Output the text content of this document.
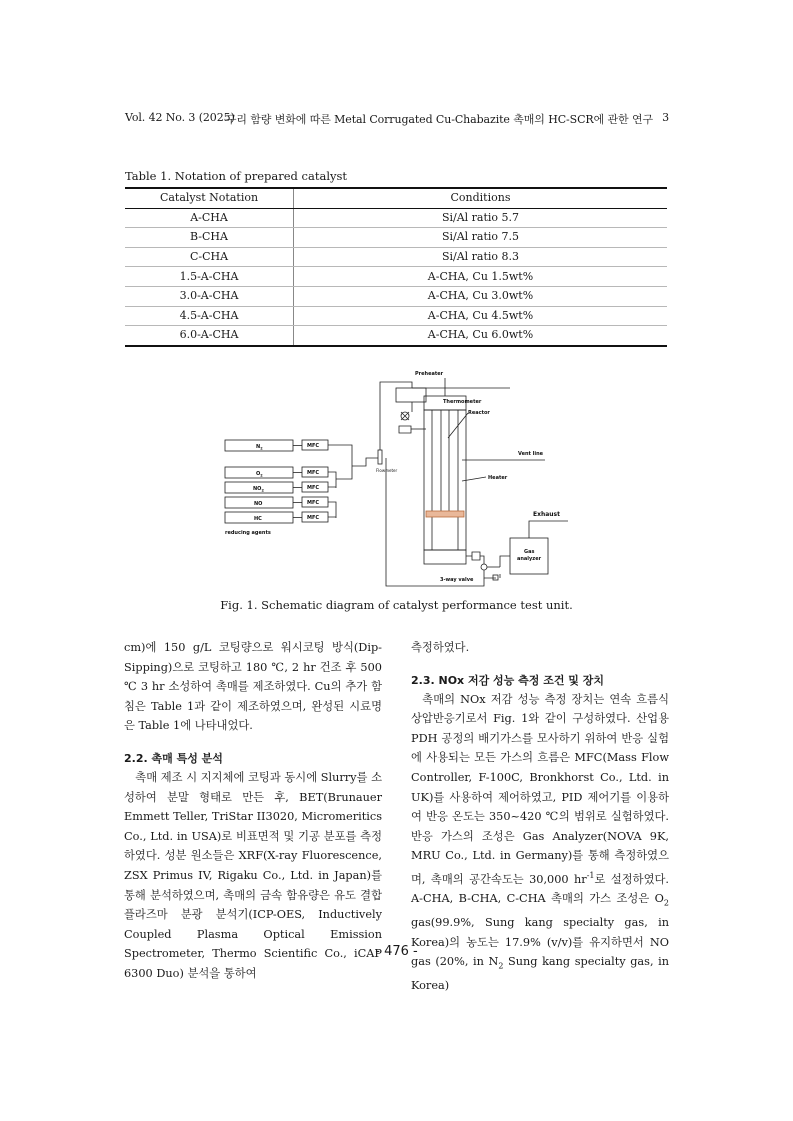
Vol. 42 No. 3 (2025)
구리 함량 변화에 따른 Metal Corrugated Cu-Chabazite 촉매의 HC-SCR에 관한 연구 3
Table 1. Notation of prepared catalyst
Catalyst Notation	Conditions
A-CHA	Si/Al ratio 5.7
B-CHA	Si/Al ratio 7.5
C-CHA	Si/Al ratio 8.3
1.5-A-CHA	A-CHA, Cu 1.5wt%
3.0-A-CHA	A-CHA, Cu 3.0wt%
4.5-A-CHA	A-CHA, Cu 4.5wt%
6.0-A-CHA	A-CHA, Cu 6.0wt%
$N_2$
$O_2$
$NO_2$
NO
HC
reducing agents
MFC
MFC
MFC
MFC
MFC
Flowmeter
Preheater
Thermometer
Reactor
Heater
Vent line
Gas
analyzer
Exhaust
3-way valve
Fig. 1. Schematic diagram of catalyst performance test unit.

cm)에 150 g/L 코팅량으로 워시코팅 방식(Dip-Sipping)으로 코팅하고 180 ℃, 2 hr 건조 후 500 ℃ 3 hr 소성하여 촉매를 제조하였다. Cu의 추가 함침은 Table 1과 같이 제조하였으며, 완성된 시료명은 Table 1에 나타내었다.

2.2. 촉매 특성 분석

촉매 제조 시 지지체에 코팅과 동시에 Slurry를 소성하여 분말 형태로 만든 후, BET(Brunauer Emmett Teller, TriStar II3020, Micromeritics Co., Ltd. in USA)로 비표면적 및 기공 분포를 측정하였다. 성분 원소들은 XRF(X-ray Fluorescence, ZSX Primus IV, Rigaku Co., Ltd. in Japan)를 통해 분석하였으며, 촉매의 금속 함유량은 유도 결합 플라즈마 분광 분석기(ICP-OES, Inductively Coupled Plasma Optical Emission Spectrometer, Thermo Scientific Co., iCAP 6300 Duo) 분석을 통하여

측정하였다.

2.3. NOx 저감 성능 측정 조건 및 장치

촉매의 NOx 저감 성능 측정 장치는 연속 흐름식 상압반응기로서 Fig. 1와 같이 구성하였다. 산업용 PDH 공정의 배기가스를 모사하기 위하여 반응 실험에 사용되는 모든 가스의 흐름은 MFC(Mass Flow Controller, F-100C, Bronkhorst Co., Ltd. in UK)를 사용하여 제어하였고, PID 제어기를 이용하여 반응 온도는 350~420 ℃의 범위로 실험하였다. 반응 가스의 조성은 Gas Analyzer(NOVA 9K, MRU Co., Ltd. in Germany)를 통해 측정하였으며, 촉매의 공간속도는 30,000 $hr^{-1}$로 설정하였다. A-CHA, B-CHA, C-CHA 촉매의 가스 조성은 $O_2$ gas(99.9%, Sung kang specialty gas, in Korea)의 농도는 17.9% (v/v)를 유지하면서 NO gas (20%, in $N_2$ Sung kang specialty gas, in Korea)

- 476 -
